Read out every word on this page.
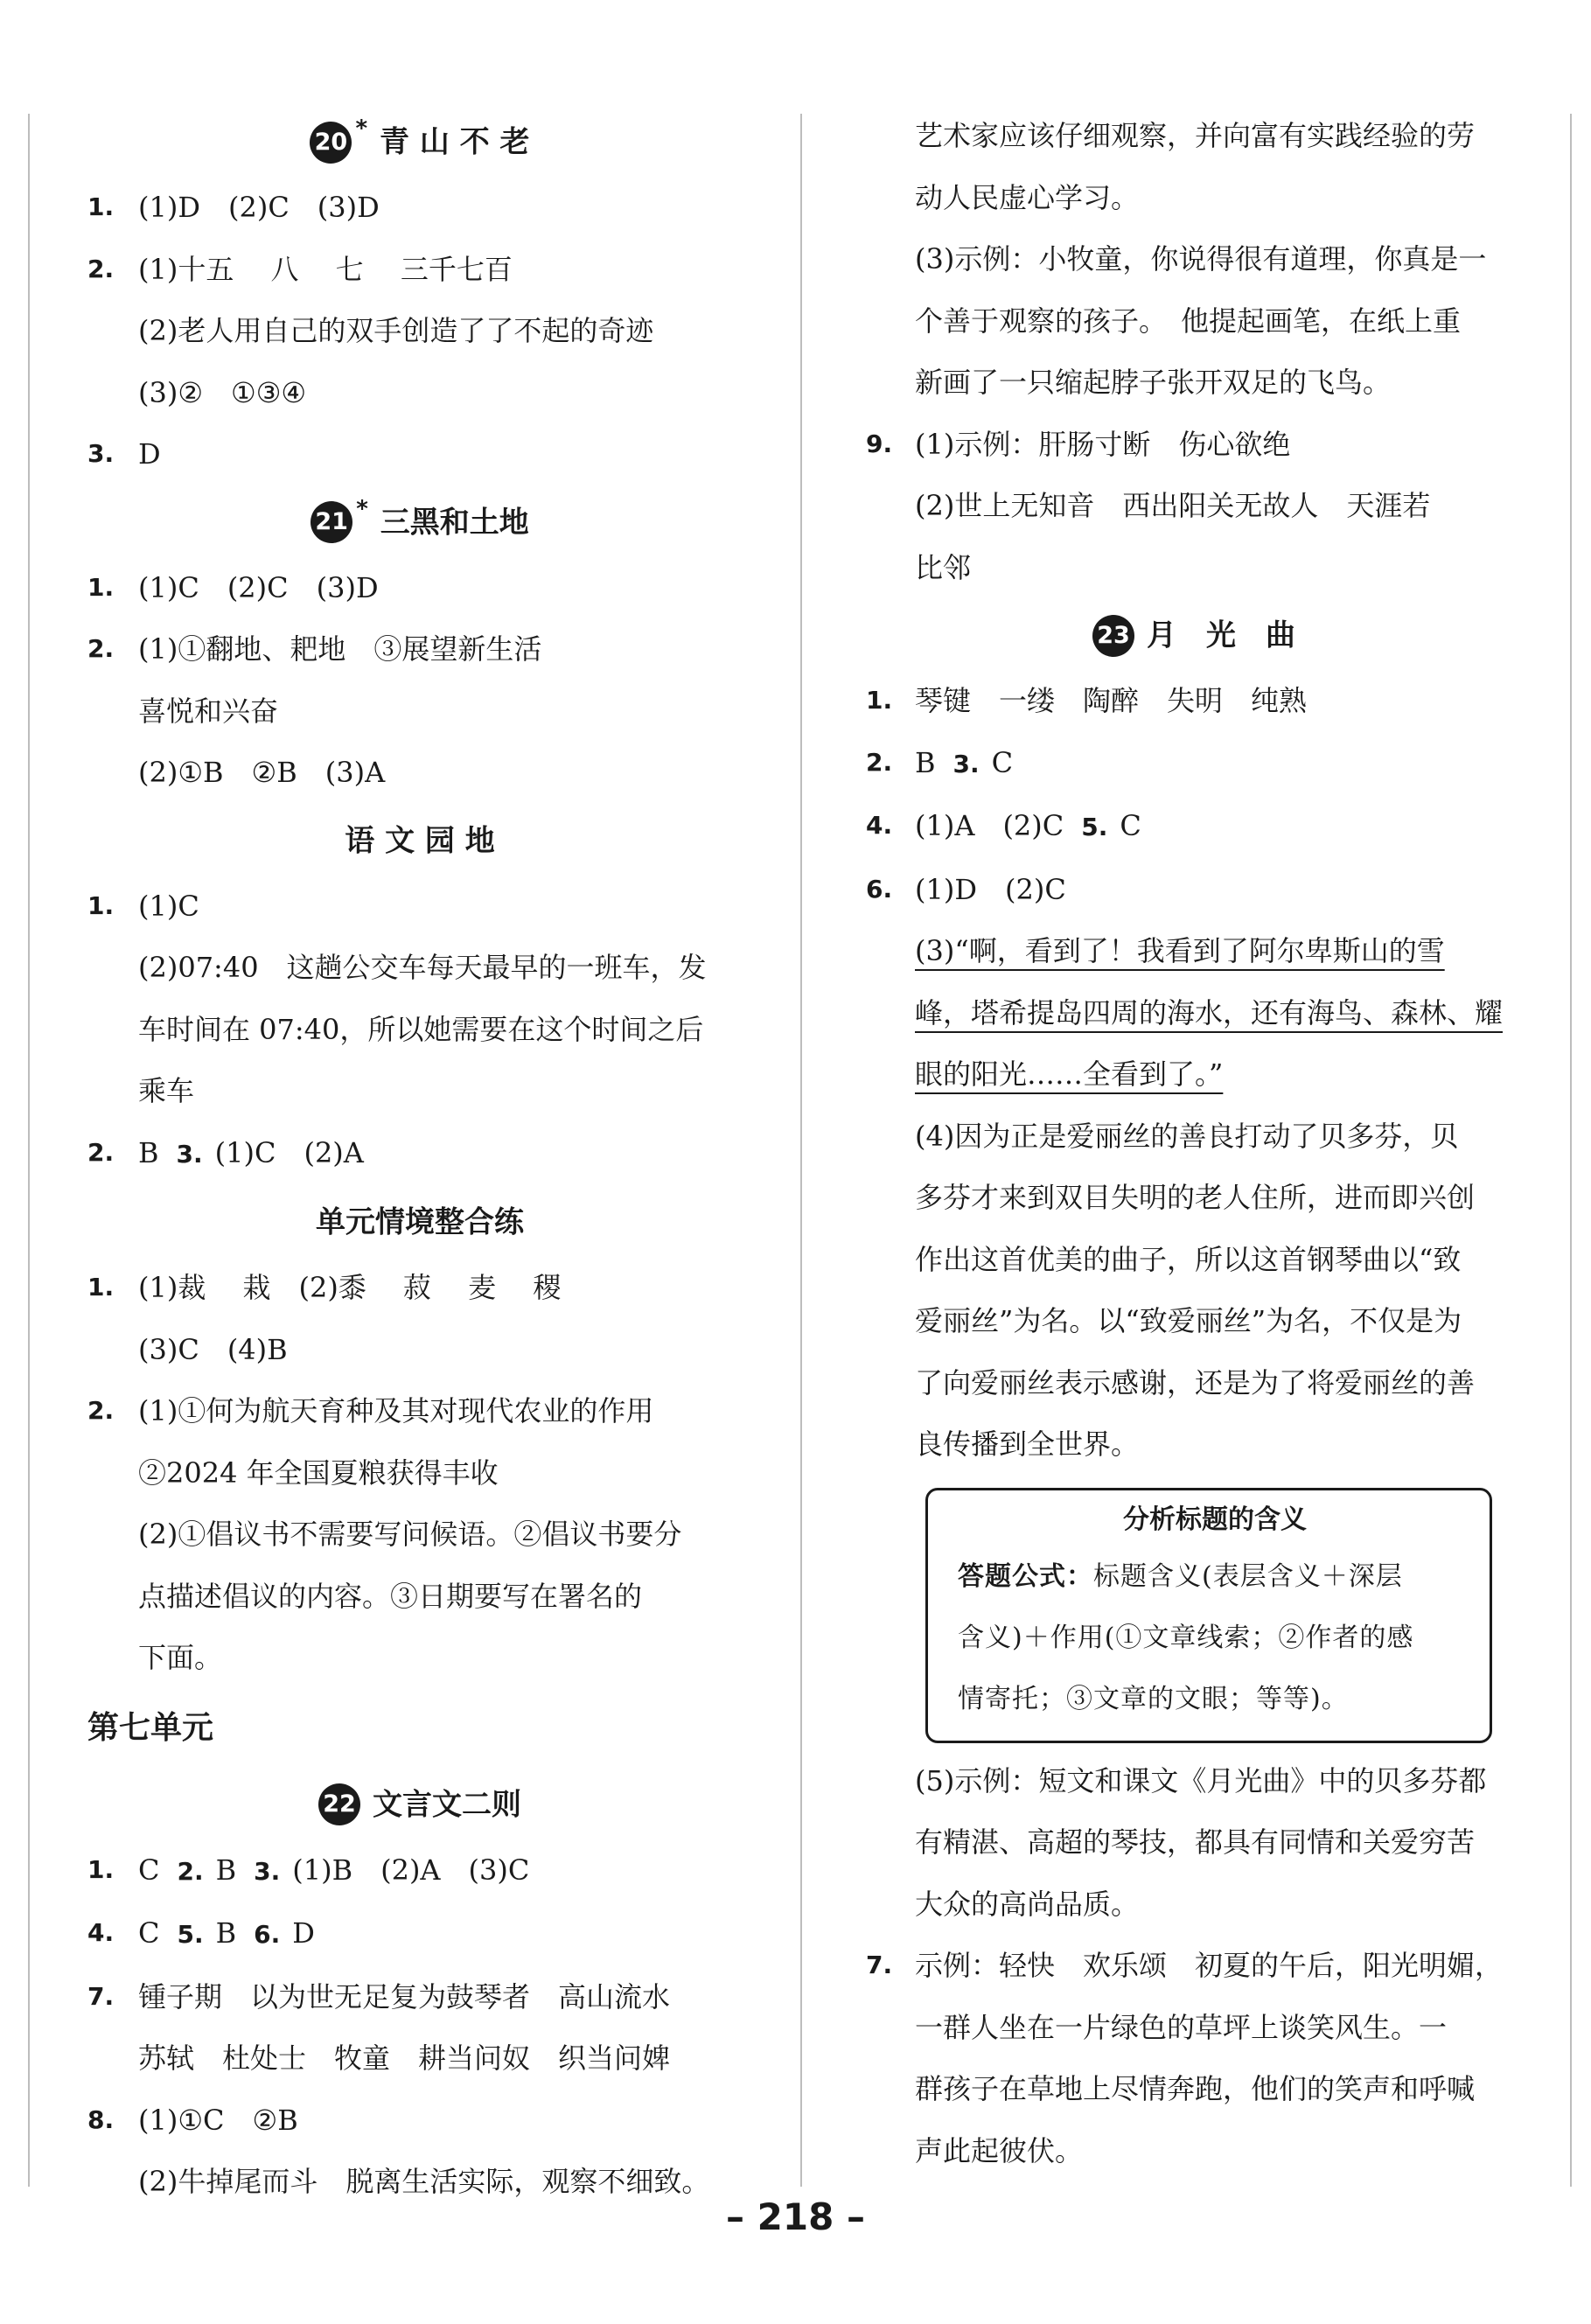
20 * 青 山 不 老
1. (1)D　(2)C　(3)D
2. (1)十五　 八　 七　 三千七百
(2)老人用自己的双手创造了了不起的奇迹
(3)②　①③④
3. D
21 * 三黑和土地
1. (1)C　(2)C　(3)D
2. (1)①翻地、耙地　③展望新生活
喜悦和兴奋
(2)①B　②B　(3)A
语 文 园 地
1. (1)C
(2)07:40　这趟公交车每天最早的一班车，发
车时间在 07:40，所以她需要在这个时间之后
乘车
2. B 3. (1)C　(2)A
单元情境整合练
1. (1)裁　 栽　(2)黍　 菽　 麦　 稷
(3)C　(4)B
2. (1)①何为航天育种及其对现代农业的作用
②2024 年全国夏粮获得丰收
(2)①倡议书不需要写问候语。②倡议书要分
点描述倡议的内容。③日期要写在署名的
下面。
第七单元
22 文言文二则
1. C 2. B 3. (1)B　(2)A　(3)C
4. C 5. B 6. D
7. 锺子期　以为世无足复为鼓琴者　高山流水
苏轼　杜处士　牧童　耕当问奴　织当问婢
8. (1)①C　②B
(2)牛掉尾而斗　脱离生活实际，观察不细致。
艺术家应该仔细观察，并向富有实践经验的劳
动人民虚心学习。
(3)示例：小牧童，你说得很有道理，你真是一
个善于观察的孩子。　他提起画笔，在纸上重
新画了一只缩起脖子张开双足的飞鸟。
9. (1)示例：肝肠寸断　伤心欲绝
(2)世上无知音　西出阳关无故人　天涯若
比邻
23 月　光　曲
1. 琴键　一缕　陶醉　失明　纯熟
2. B 3. C
4. (1)A　(2)C 5. C
6. (1)D　(2)C
(3)“啊，看到了！我看到了阿尔卑斯山的雪
峰，塔希提岛四周的海水，还有海鸟、森林、耀
眼的阳光……全看到了。”
(4)因为正是爱丽丝的善良打动了贝多芬，贝
多芬才来到双目失明的老人住所，进而即兴创
作出这首优美的曲子，所以这首钢琴曲以“致
爱丽丝”为名。以“致爱丽丝”为名，不仅是为
了向爱丽丝表示感谢，还是为了将爱丽丝的善
良传播到全世界。
分析标题的含义
答题公式：标题含义(表层含义＋深层
含义)＋作用(①文章线索；②作者的感
情寄托；③文章的文眼；等等)。
(5)示例：短文和课文《月光曲》中的贝多芬都
有精湛、高超的琴技，都具有同情和关爱穷苦
大众的高尚品质。
7. 示例：轻快　欢乐颂　初夏的午后，阳光明媚，
一群人坐在一片绿色的草坪上谈笑风生。一
群孩子在草地上尽情奔跑，他们的笑声和呼喊
声此起彼伏。
– 218 –
